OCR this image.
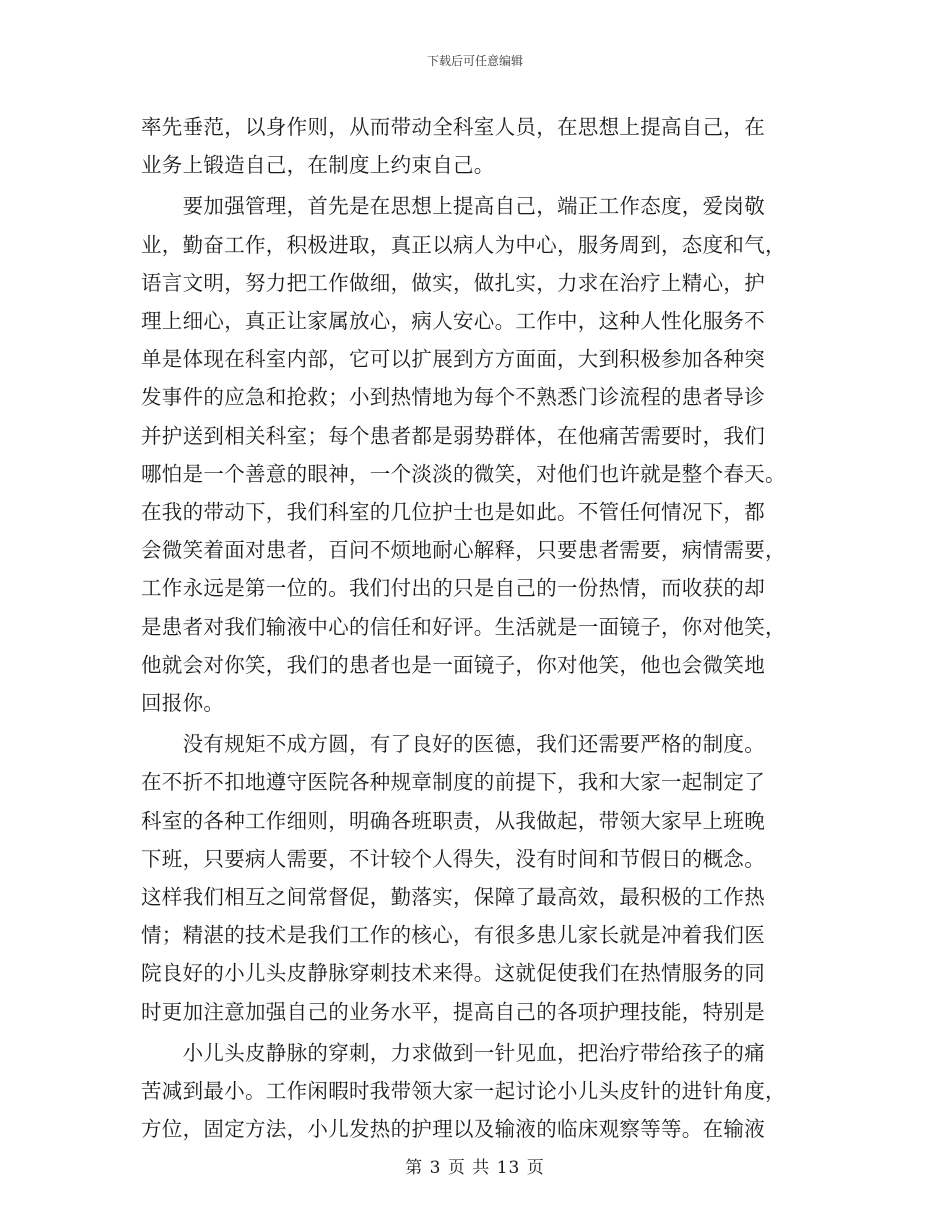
下载后可任意编辑

率先垂范，以身作则，从而带动全科室人员，在思想上提高自己，在
业务上锻造自己，在制度上约束自己。

　　要加强管理，首先是在思想上提高自己，端正工作态度，爱岗敬
业，勤奋工作，积极进取，真正以病人为中心，服务周到，态度和气，
语言文明，努力把工作做细，做实，做扎实，力求在治疗上精心，护
理上细心，真正让家属放心，病人安心。工作中，这种人性化服务不
单是体现在科室内部，它可以扩展到方方面面，大到积极参加各种突
发事件的应急和抢救；小到热情地为每个不熟悉门诊流程的患者导诊
并护送到相关科室；每个患者都是弱势群体，在他痛苦需要时，我们
哪怕是一个善意的眼神，一个淡淡的微笑，对他们也许就是整个春天。
在我的带动下，我们科室的几位护士也是如此。不管任何情况下，都
会微笑着面对患者，百问不烦地耐心解释，只要患者需要，病情需要，
工作永远是第一位的。我们付出的只是自己的一份热情，而收获的却
是患者对我们输液中心的信任和好评。生活就是一面镜子，你对他笑，
他就会对你笑，我们的患者也是一面镜子，你对他笑，他也会微笑地
回报你。

　　没有规矩不成方圆，有了良好的医德，我们还需要严格的制度。
在不折不扣地遵守医院各种规章制度的前提下，我和大家一起制定了
科室的各种工作细则，明确各班职责，从我做起，带领大家早上班晚
下班，只要病人需要，不计较个人得失，没有时间和节假日的概念。
这样我们相互之间常督促，勤落实，保障了最高效，最积极的工作热
情；精湛的技术是我们工作的核心，有很多患儿家长就是冲着我们医
院良好的小儿头皮静脉穿刺技术来得。这就促使我们在热情服务的同
时更加注意加强自己的业务水平，提高自己的各项护理技能，特别是

　　小儿头皮静脉的穿刺，力求做到一针见血，把治疗带给孩子的痛
苦减到最小。工作闲暇时我带领大家一起讨论小儿头皮针的进针角度，
方位，固定方法，小儿发热的护理以及输液的临床观察等等。在输液

第 3 页 共 13 页
